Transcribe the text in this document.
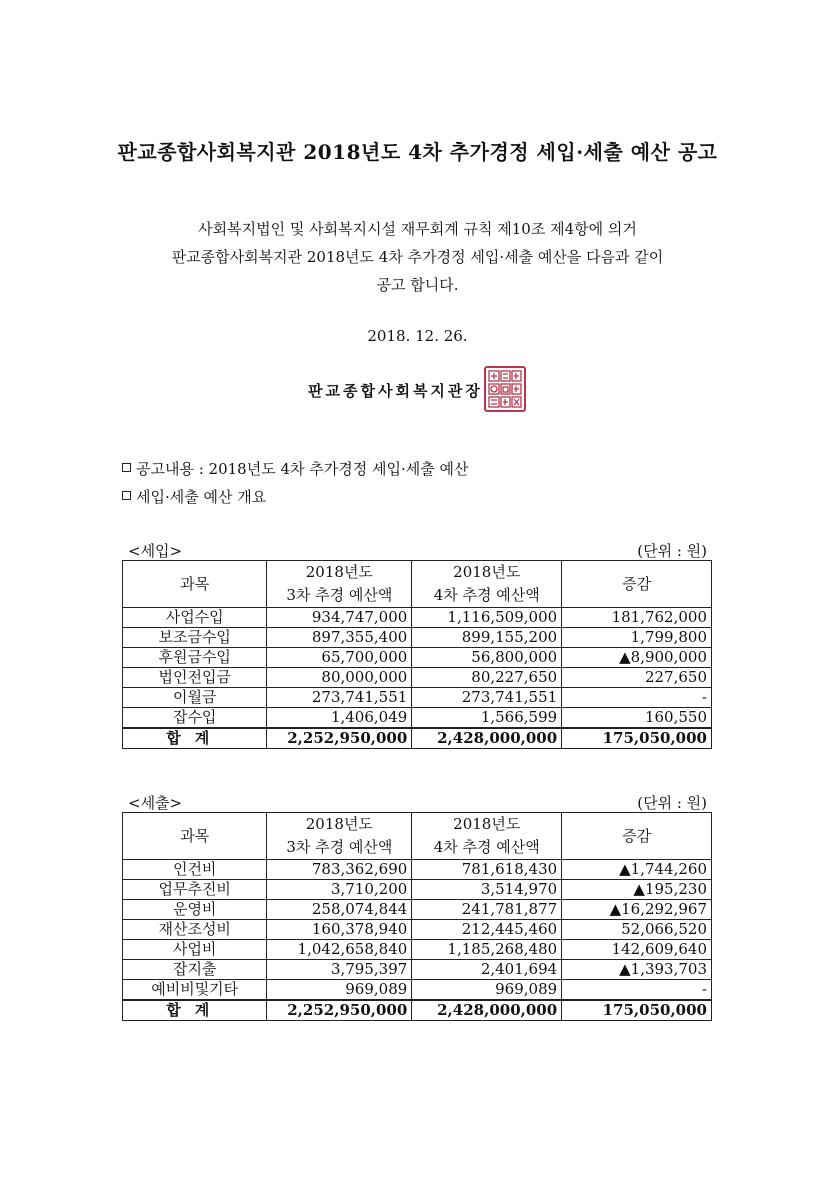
판교종합사회복지관 2018년도 4차 추가경정 세입·세출 예산 공고
사회복지법인 및 사회복지시설 재무회계 규칙 제10조 제4항에 의거
판교종합사회복지관 2018년도 4차 추가경정 세입·세출 예산을 다음과 같이
공고 합니다.
2018. 12. 26.
판교종합사회복지관장
공고내용 : 2018년도 4차 추가경정 세입·세출 예산
세입·세출 예산 개요
<세입>	(단위 : 원)
과목	2018년도	2018년도	증감
	3차 추경 예산액	4차 추경 예산액	
사업수입	934,747,000	1,116,509,000	181,762,000
보조금수입	897,355,400	899,155,200	1,799,800
후원금수입	65,700,000	56,800,000	▲8,900,000
법인전입금	80,000,000	80,227,650	227,650
이월금	273,741,551	273,741,551	-
잡수입	1,406,049	1,566,599	160,550
합계	2,252,950,000	2,428,000,000	175,050,000
<세출>	(단위 : 원)
과목	2018년도	2018년도	증감
	3차 추경 예산액	4차 추경 예산액	
인건비	783,362,690	781,618,430	▲1,744,260
업무추진비	3,710,200	3,514,970	▲195,230
운영비	258,074,844	241,781,877	▲16,292,967
재산조성비	160,378,940	212,445,460	52,066,520
사업비	1,042,658,840	1,185,268,480	142,609,640
잡지출	3,795,397	2,401,694	▲1,393,703
예비비및기타	969,089	969,089	-
합계	2,252,950,000	2,428,000,000	175,050,000
